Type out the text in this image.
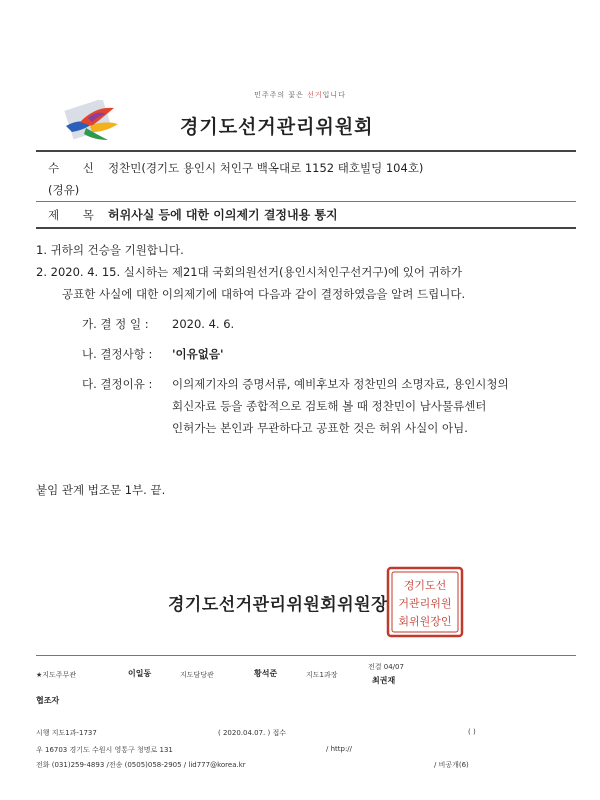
민주주의 꽃은 선거입니다
경기도선거관리위원회
수 신 정찬민(경기도 용인시 처인구 백옥대로 1152 태호빌딩 104호)
(경유)
제 목 허위사실 등에 대한 이의제기 결정내용 통지
1. 귀하의 건승을 기원합니다.
2. 2020. 4. 15. 실시하는 제21대 국회의원선거(용인시처인구선거구)에 있어 귀하가
공표한 사실에 대한 이의제기에 대하여 다음과 같이 결정하였음을 알려 드립니다.
가. 결 정 일 : 2020. 4. 6.
나. 결정사항 : '이유없음'
다. 결정이유 : 이의제기자의 증명서류, 예비후보자 정찬민의 소명자료, 용인시청의
회신자료 등을 종합적으로 검토해 볼 때 정찬민이 남사물류센터
인허가는 본인과 무관하다고 공표한 것은 허위 사실이 아님.
붙임 관계 법조문 1부. 끝.
경기도선거관리위원회위원장
경기도선
거관리위원
회위원장인
★지도주무관	이일동	지도담당관	황석준	지도1과장
전결 04/07
최권재
협조자
시행 지도1과-1737	( 2020.04.07. ) 접수	( )
우 16703 경기도 수원시 영통구 청명로 131	/ http://
전화 (031)259-4893 /전송 (0505)058-2905 / lid777@korea.kr	/ 비공개(6)
